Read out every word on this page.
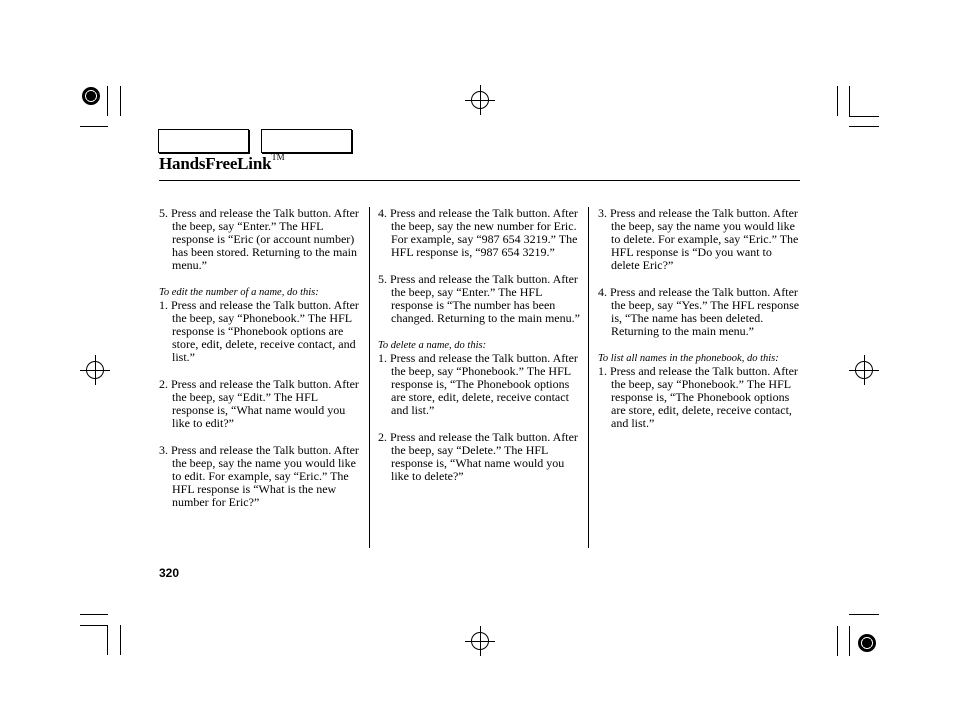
HandsFreeLink™

5. Press and release the Talk button. After the beep, say “Enter.” The HFL response is “Eric (or account number) has been stored. Returning to the main menu.”

To edit the number of a name, do this:

1. Press and release the Talk button. After the beep, say “Phonebook.” The HFL response is “Phonebook options are store, edit, delete, receive contact, and list.”

2. Press and release the Talk button. After the beep, say “Edit.” The HFL response is, “What name would you like to edit?”

3. Press and release the Talk button. After the beep, say the name you would like to edit. For example, say “Eric.” The HFL response is “What is the new number for Eric?”

4. Press and release the Talk button. After the beep, say the new number for Eric. For example, say “987 654 3219.” The HFL response is, “987 654 3219.”

5. Press and release the Talk button. After the beep, say “Enter.” The HFL response is “The number has been changed. Returning to the main menu.”

To delete a name, do this:

1. Press and release the Talk button. After the beep, say “Phonebook.” The HFL response is, “The Phonebook options are store, edit, delete, receive contact and list.”

2. Press and release the Talk button. After the beep, say “Delete.” The HFL response is, “What name would you like to delete?”

3. Press and release the Talk button. After the beep, say the name you would like to delete. For example, say “Eric.” The HFL response is “Do you want to delete Eric?”

4. Press and release the Talk button. After the beep, say “Yes.” The HFL response is, “The name has been deleted. Returning to the main menu.”

To list all names in the phonebook, do this:

1. Press and release the Talk button. After the beep, say “Phonebook.” The HFL response is, “The Phonebook options are store, edit, delete, receive contact, and list.”

320
